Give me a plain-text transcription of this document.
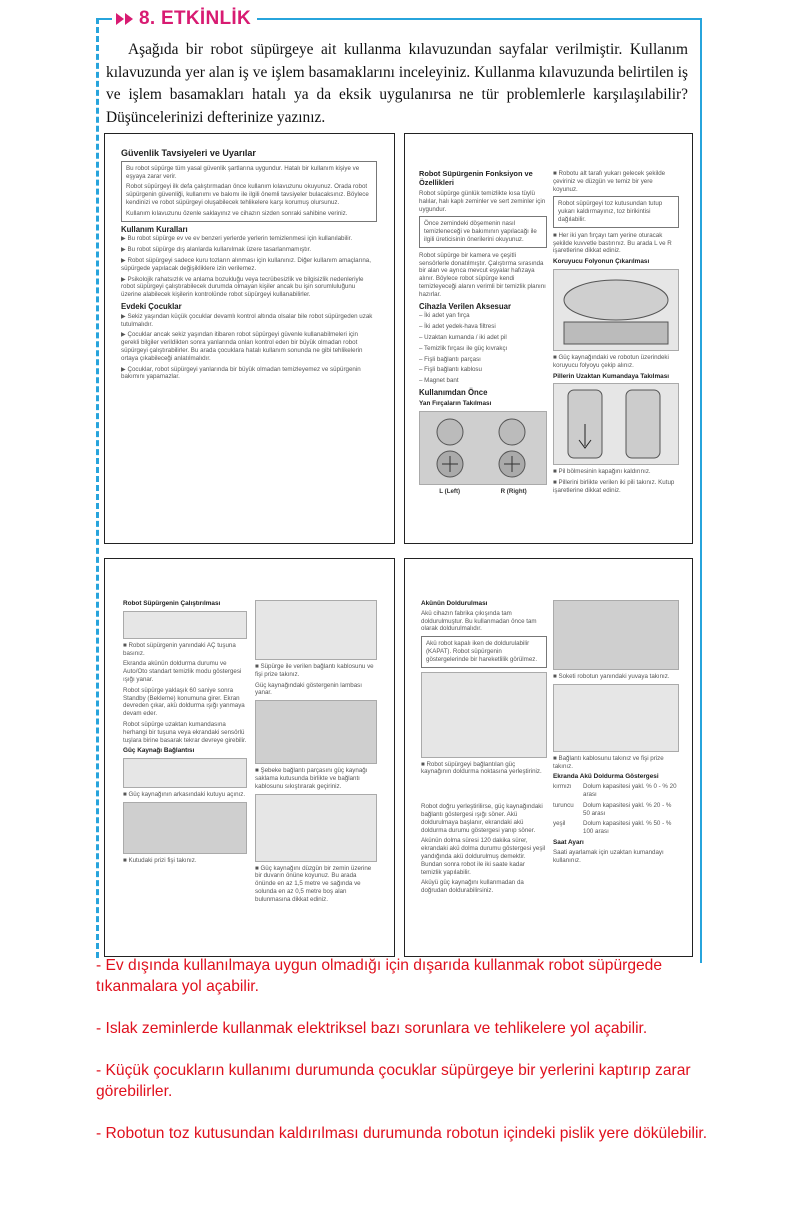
8. ETKİNLİK
Aşağıda bir robot süpürgeye ait kullanma kılavuzundan sayfalar verilmiştir. Kullanım kılavuzunda yer alan iş ve işlem basamaklarını inceleyiniz. Kullanma kılavuzunda belirtilen iş ve işlem basamakları hatalı ya da eksik uygulanırsa ne tür problemlerle karşılaşılabilir? Düşüncelerinizi defterinize yazınız.
Güvenlik Tavsiyeleri ve Uyarılar

Bu robot süpürge tüm yasal güvenlik şartlarına uygundur. Hatalı bir kullanım kişiye ve eşyaya zarar verir.

Robot süpürgeyi ilk defa çalıştırmadan önce kullanım kılavuzunu okuyunuz. Orada robot süpürgenin güvenliği, kullanımı ve bakımı ile ilgili önemli tavsiyeler bulacaksınız. Böylece kendinizi ve robot süpürgeyi oluşabilecek tehlikelere karşı korumuş olursunuz.

Kullanım kılavuzunu özenle saklayınız ve cihazın sizden sonraki sahibine veriniz.

Kullanım Kuralları

▶ Bu robot süpürge ev ve ev benzeri yerlerde yerlerin temizlenmesi için kullanılabilir.

▶ Bu robot süpürge dış alanlarda kullanılmak üzere tasarlanmamıştır.

▶ Robot süpürgeyi sadece kuru tozların alınması için kullanınız. Diğer kullanım amaçlarına, süpürgede yapılacak değişikliklere izin verilemez.

▶ Psikolojik rahatsızlık ve anlama bozukluğu veya tecrübesizlik ve bilgisizlik nedenleriyle robot süpürgeyi çalıştırabilecek durumda olmayan kişiler ancak bu işin sorumluluğunu üzerine alabilecek kişilerin kontrolünde robot süpürgeyi kullanabilirler.

Evdeki Çocuklar

▶ Sekiz yaşından küçük çocuklar devamlı kontrol altında olsalar bile robot süpürgeden uzak tutulmalıdır.

▶ Çocuklar ancak sekiz yaşından itibaren robot süpürgeyi güvenle kullanabilmeleri için gerekli bilgiler verildikten sonra yanlarında onları kontrol eden bir büyük olmadan robot süpürgeyi çalıştırabilirler. Bu arada çocuklara hatalı kullanım sonunda ne gibi tehlikelerin ortaya çıkabileceği anlatılmalıdır.

▶ Çocuklar, robot süpürgeyi yanlarında bir büyük olmadan temizleyemez ve süpürgenin bakımını yapamazlar.

Robot Süpürgenin Fonksiyon ve Özellikleri

Robot süpürge günlük temizlikte kısa tüylü halılar, halı kaplı zeminler ve sert zeminler için uygundur.

Önce zemindeki döşemenin nasıl temizleneceği ve bakımının yapılacağı ile ilgili üreticisinin önerilerini okuyunuz.

Robot süpürge bir kamera ve çeşitli sensörlerle donatılmıştır. Çalıştırma sırasında bir alan ve ayrıca mevcut eşyalar hafızaya alınır. Böylece robot süpürge kendi temizleyeceği alanın verimli bir temizlik planını hazırlar.

Cihazla Verilen Aksesuar

– İki adet yan fırça

– İki adet yedek-hava filtresi

– Uzaktan kumanda / iki adet pil

– Temizlik fırçası ile güç kıvrakçı

– Fişli bağlantı parçası

– Fişli bağlantı kablosu

– Magnet bant

Kullanımdan Önce
Yan Fırçaların Takılması
L (Left)	R (Right)

■ Robotu alt tarafı yukarı gelecek şekilde çeviriniz ve düzgün ve temiz bir yere koyunuz.

Robot süpürgeyi toz kutusundan tutup yukarı kaldırmayınız, toz birikintisi dağılabilir.

■ Her iki yan fırçayı tam yerine oturacak şekilde kuvvetle bastırınız. Bu arada L ve R işaretlerine dikkat ediniz.

Koruyucu Folyonun Çıkarılması

■ Güç kaynağındaki ve robotun üzerindeki koruyucu folyoyu çekip alınız.

Pillerin Uzaktan Kumandaya Takılması

■ Pil bölmesinin kapağını kaldırınız.

■ Pillerini birlikte verilen iki pili takınız. Kutup işaretlerine dikkat ediniz.

Robot Süpürgenin Çalıştırılması

■ Robot süpürgenin yanındaki AÇ tuşuna basınız.

Ekranda akünün doldurma durumu ve Auto/Oto standart temizlik modu göstergesi ışığı yanar.

Robot süpürge yaklaşık 60 saniye sonra Standby (Bekleme) konumuna girer. Ekran devreden çıkar, akü doldurma ışığı yanmaya devam eder.

Robot süpürge uzaktan kumandasına herhangi bir tuşuna veya ekrandaki sensörlü tuşlara birine basarak tekrar devreye girebilir.

Güç Kaynağı Bağlantısı

■ Güç kaynağının arkasındaki kutuyu açınız.

■ Kutudaki prizi fişi takınız.

■ Süpürge ile verilen bağlantı kablosunu ve fişi prize takınız.

Güç kaynağındaki göstergenin lambası yanar.

■ Şebeke bağlantı parçasını güç kaynağı saklama kutusunda birlikte ve bağlantı kablosunu sıkıştırarak geçiriniz.

■ Güç kaynağını düzgün bir zemin üzerine bir duvarın önüne koyunuz. Bu arada önünde en az 1,5 metre ve sağında ve solunda en az 0,5 metre boş alan bulunmasına dikkat ediniz.

Akünün Doldurulması

Akü cihazın fabrika çıkışında tam doldurulmuştur. Bu kullanmadan önce tam olarak doldurulmalıdır.

Akü robot kapalı iken de doldurulabilir (KAPAT). Robot süpürgenin göstergelerinde bir hareketlilik görülmez.

■ Robot süpürgeyi bağlantılan güç kaynağının doldurma noktasına yerleştiriniz.

Robot doğru yerleştirilirse, güç kaynağındaki bağlantı göstergesi ışığı söner. Akü doldurulmaya başlanır, ekrandaki akü doldurma durumu göstergesi yanıp söner.

Akünün dolma süresi 120 dakika sürer, ekrandaki akü dolma durumu göstergesi yeşil yandığında akü doldurulmuş demektir. Bundan sonra robot ile iki saate kadar temizlik yapılabilir.

Aküyü güç kaynağını kullanmadan da doğrudan doldurabilirsiniz.

■ Soketi robotun yanındaki yuvaya takınız.

■ Bağlantı kablosunu takınız ve fişi prize takınız.

Ekranda Akü Doldurma Göstergesi
kırmızı	Dolum kapasitesi yakl. % 0 - % 20 arası
turuncu	Dolum kapasitesi yakl. % 20 - % 50 arası
yeşil	Dolum kapasitesi yakl. % 50 - % 100 arası
Saat Ayarı

Saati ayarlamak için uzaktan kumandayı kullanınız.

- Ev dışında kullanılmaya uygun olmadığı için dışarıda kullanmak robot süpürgede tıkanmalara yol açabilir.

- Islak zeminlerde kullanmak elektriksel bazı sorunlara ve tehlikelere yol açabilir.

- Küçük çocukların kullanımı durumunda çocuklar süpürgeye bir yerlerini kaptırıp zarar görebilirler.

- Robotun toz kutusundan kaldırılması durumunda robotun içindeki pislik yere dökülebilir.
